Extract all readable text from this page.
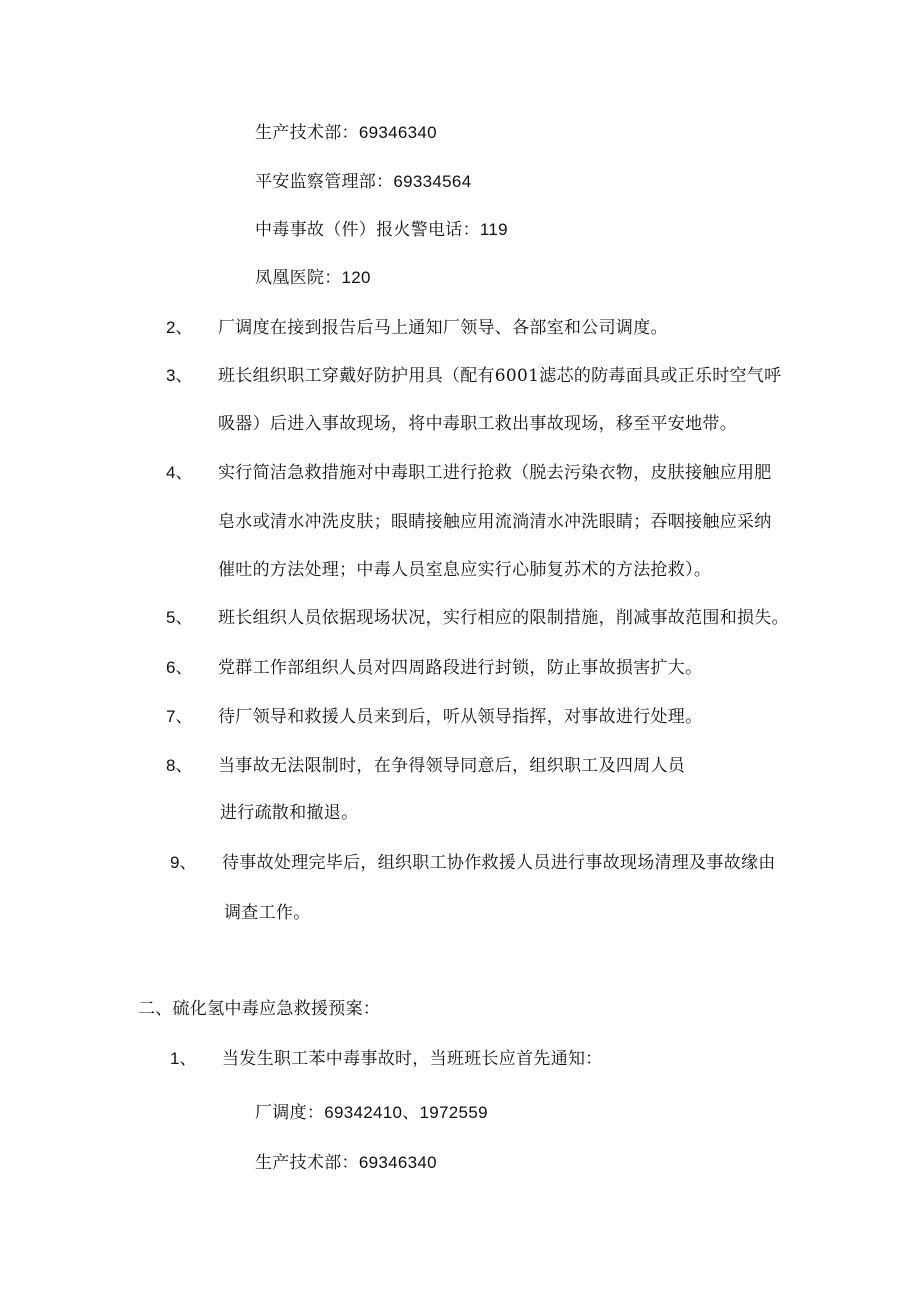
生产技术部：69346340
平安监察管理部：69334564
中毒事故（件）报火警电话：119
凤凰医院：120
2、 厂调度在接到报告后马上通知厂领导、各部室和公司调度。
3、 班长组织职工穿戴好防护用具（配有6001滤芯的防毒面具或正乐时空气呼
吸器）后进入事故现场，将中毒职工救出事故现场，移至平安地带。
4、 实行简洁急救措施对中毒职工进行抢救（脱去污染衣物，皮肤接触应用肥
皂水或清水冲洗皮肤；眼睛接触应用流淌清水冲洗眼睛；吞咽接触应采纳
催吐的方法处理；中毒人员室息应实行心肺复苏术的方法抢救）。
5、 班长组织人员依据现场状况，实行相应的限制措施，削减事故范围和损失。
6、 党群工作部组织人员对四周路段进行封锁，防止事故损害扩大。
7、 待厂领导和救援人员来到后，听从领导指挥，对事故进行处理。
8、 当事故无法限制时，在争得领导同意后，组织职工及四周人员
进行疏散和撤退。
9、 待事故处理完毕后，组织职工协作救援人员进行事故现场清理及事故缘由
调查工作。
二、硫化氢中毒应急救援预案：
1、 当发生职工苯中毒事故时，当班班长应首先通知：
厂调度：69342410、1972559
生产技术部：69346340
